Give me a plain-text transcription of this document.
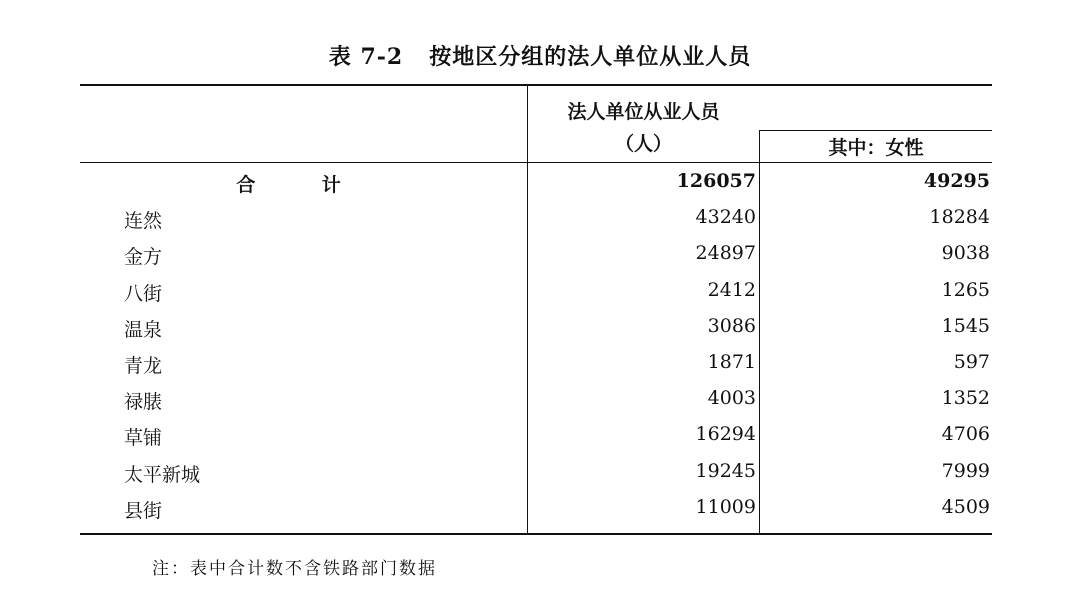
表 7-2 按地区分组的法人单位从业人员
法人单位从业人员
（人）	其中：女性
合 计	126057	49295
连然	43240	18284
金方	24897	9038
八街	2412	1265
温泉	3086	1545
青龙	1871	597
禄脿	4003	1352
草铺	16294	4706
太平新城	19245	7999
县街	11009	4509
注：表中合计数不含铁路部门数据
